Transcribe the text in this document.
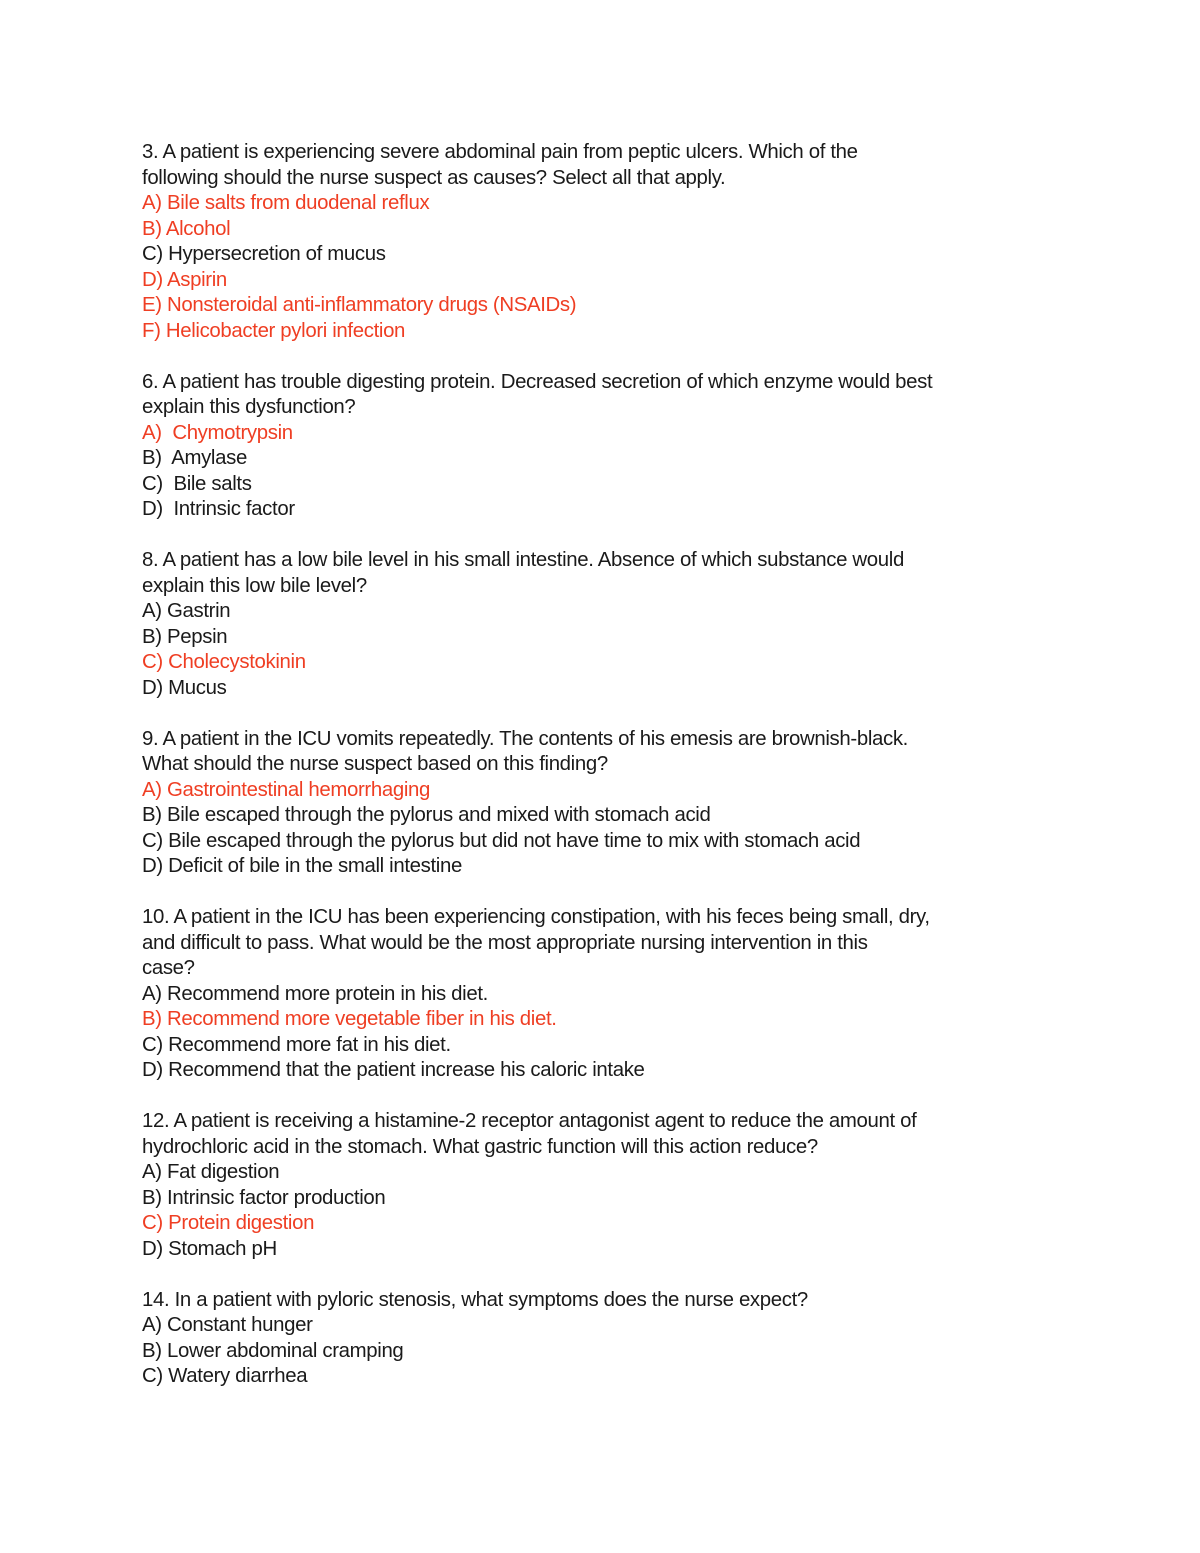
3. A patient is experiencing severe abdominal pain from peptic ulcers. Which of the
following should the nurse suspect as causes? Select all that apply.
A) Bile salts from duodenal reflux
B) Alcohol
C) Hypersecretion of mucus
D) Aspirin
E) Nonsteroidal anti-inflammatory drugs (NSAIDs)
F) Helicobacter pylori infection
6. A patient has trouble digesting protein. Decreased secretion of which enzyme would best
explain this dysfunction?
A)  Chymotrypsin
B)  Amylase
C)  Bile salts
D)  Intrinsic factor
8. A patient has a low bile level in his small intestine. Absence of which substance would
explain this low bile level?
A) Gastrin
B) Pepsin
C) Cholecystokinin
D) Mucus
9. A patient in the ICU vomits repeatedly. The contents of his emesis are brownish-black.
What should the nurse suspect based on this finding?
A) Gastrointestinal hemorrhaging
B) Bile escaped through the pylorus and mixed with stomach acid
C) Bile escaped through the pylorus but did not have time to mix with stomach acid
D) Deficit of bile in the small intestine
10. A patient in the ICU has been experiencing constipation, with his feces being small, dry,
and difficult to pass. What would be the most appropriate nursing intervention in this
case?
A) Recommend more protein in his diet.
B) Recommend more vegetable fiber in his diet.
C) Recommend more fat in his diet.
D) Recommend that the patient increase his caloric intake
12. A patient is receiving a histamine-2 receptor antagonist agent to reduce the amount of
hydrochloric acid in the stomach. What gastric function will this action reduce?
A) Fat digestion
B) Intrinsic factor production
C) Protein digestion
D) Stomach pH
14. In a patient with pyloric stenosis, what symptoms does the nurse expect?
A) Constant hunger
B) Lower abdominal cramping
C) Watery diarrhea
